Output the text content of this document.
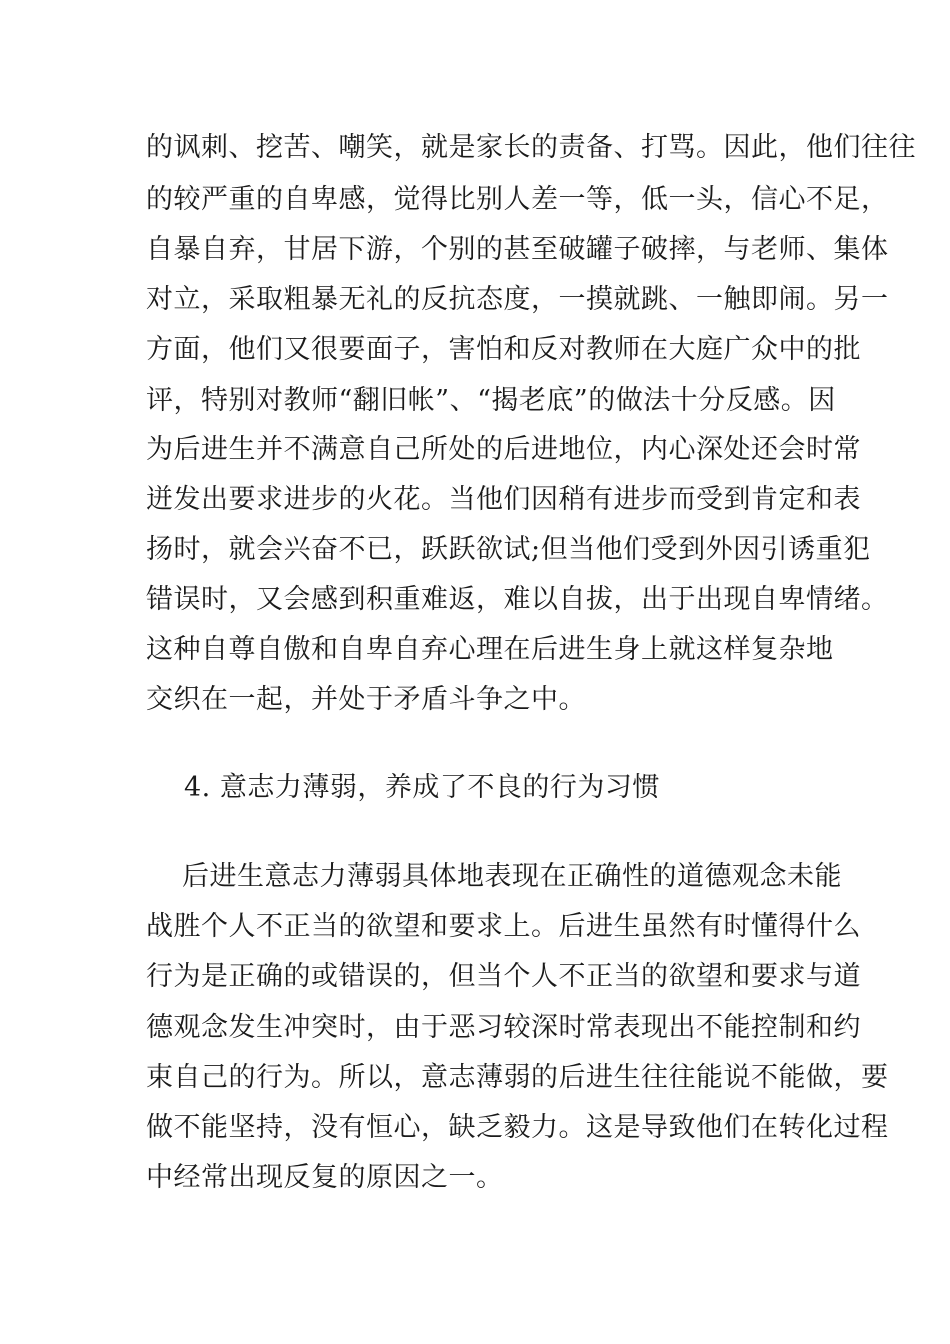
的讽刺、挖苦、嘲笑，就是家长的责备、打骂。因此，他们往往
的较严重的自卑感，觉得比别人差一等，低一头，信心不足，
自暴自弃，甘居下游，个别的甚至破罐子破摔，与老师、集体
对立，采取粗暴无礼的反抗态度，一摸就跳、一触即闹。另一
方面，他们又很要面子，害怕和反对教师在大庭广众中的批
评，特别对教师“翻旧帐”、“揭老底”的做法十分反感。因
为后进生并不满意自己所处的后进地位，内心深处还会时常
迸发出要求进步的火花。当他们因稍有进步而受到肯定和表
扬时，就会兴奋不已，跃跃欲试;但当他们受到外因引诱重犯
错误时，又会感到积重难返，难以自拔，出于出现自卑情绪。
这种自尊自傲和自卑自弃心理在后进生身上就这样复杂地
交织在一起，并处于矛盾斗争之中。
4. 意志力薄弱，养成了不良的行为习惯
后进生意志力薄弱具体地表现在正确性的道德观念未能
战胜个人不正当的欲望和要求上。后进生虽然有时懂得什么
行为是正确的或错误的，但当个人不正当的欲望和要求与道
德观念发生冲突时，由于恶习较深时常表现出不能控制和约
束自己的行为。所以，意志薄弱的后进生往往能说不能做，要
做不能坚持，没有恒心，缺乏毅力。这是导致他们在转化过程
中经常出现反复的原因之一。
